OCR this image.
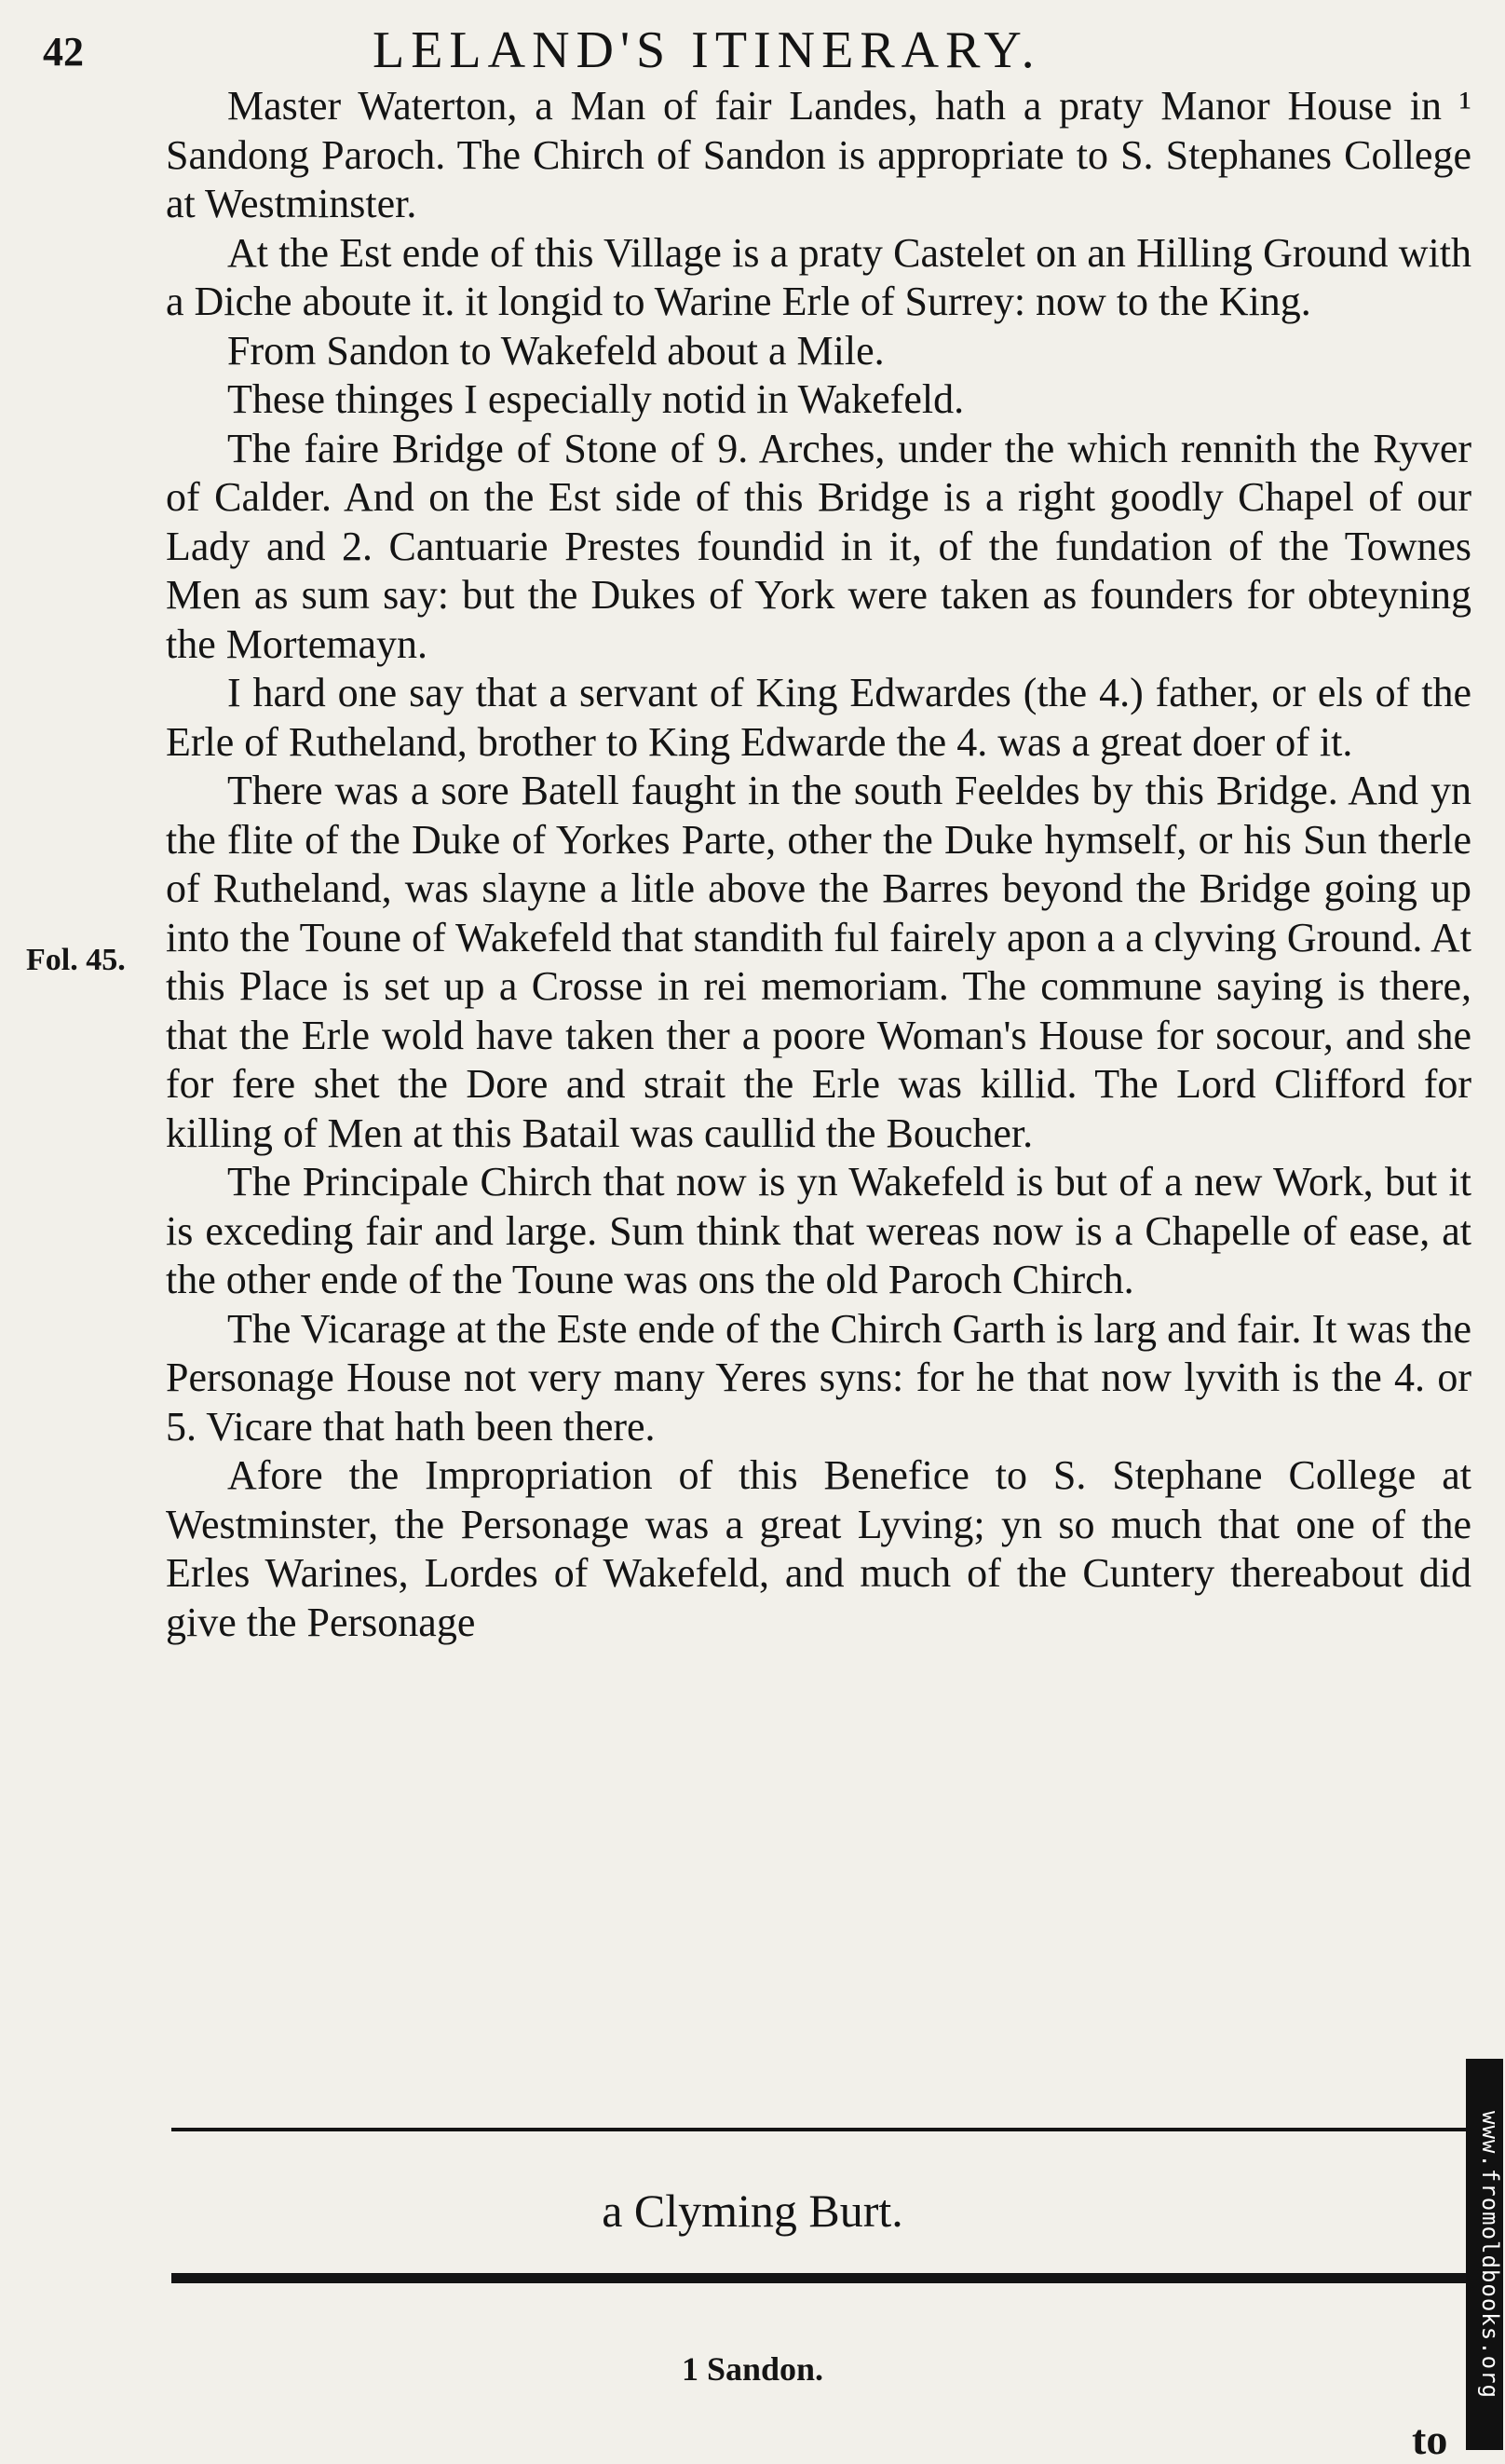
42	LELAND'S ITINERARY.
Fol. 45.

Master Waterton, a Man of fair Landes, hath a praty Manor House in ¹ Sandong Paroch. The Chirch of Sandon is appropriate to S. Stephanes College at Westminster.

At the Est ende of this Village is a praty Castelet on an Hilling Ground with a Diche aboute it. it longid to Warine Erle of Surrey: now to the King.

From Sandon to Wakefeld about a Mile.

These thinges I especially notid in Wakefeld.

The faire Bridge of Stone of 9. Arches, under the which rennith the Ryver of Calder. And on the Est side of this Bridge is a right goodly Chapel of our Lady and 2. Cantuarie Prestes foundid in it, of the fundation of the Townes Men as sum say: but the Dukes of York were taken as founders for obteyning the Mortemayn.

I hard one say that a servant of King Edwardes (the 4.) father, or els of the Erle of Rutheland, brother to King Edwarde the 4. was a great doer of it.

There was a sore Batell faught in the south Feeldes by this Bridge. And yn the flite of the Duke of Yorkes Parte, other the Duke hymself, or his Sun therle of Rutheland, was slayne a litle above the Barres beyond the Bridge going up into the Toune of Wakefeld that standith ful fairely apon a a clyving Ground. At this Place is set up a Crosse in rei memoriam. The commune saying is there, that the Erle wold have taken ther a poore Woman's House for socour, and she for fere shet the Dore and strait the Erle was killid. The Lord Clifford for killing of Men at this Batail was caullid the Boucher.

The Principale Chirch that now is yn Wakefeld is but of a new Work, but it is exceding fair and large. Sum think that wereas now is a Chapelle of ease, at the other ende of the Toune was ons the old Paroch Chirch.

The Vicarage at the Este ende of the Chirch Garth is larg and fair. It was the Personage House not very many Yeres syns: for he that now lyvith is the 4. or 5. Vicare that hath been there.

Afore the Impropriation of this Benefice to S. Stephane College at Westminster, the Personage was a great Lyving; yn so much that one of the Erles Warines, Lordes of Wakefeld, and much of the Cuntery thereabout did give the Personage

a Clyming Burt.
1 Sandon.
to
www.fromoldbooks.org
